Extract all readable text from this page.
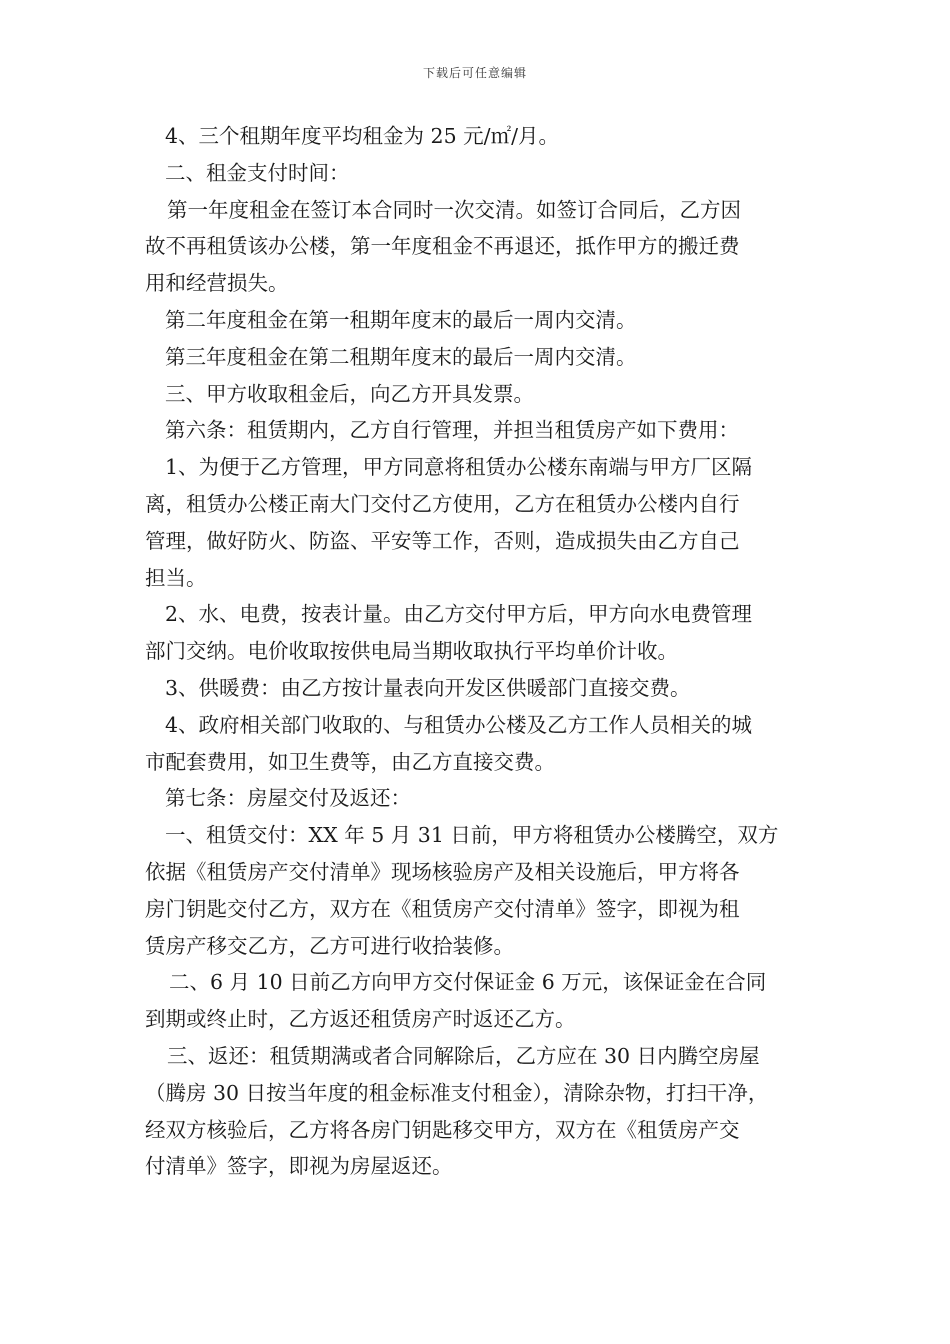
下载后可任意编辑
4、三个租期年度平均租金为 25 元/㎡/月。
二、租金支付时间：
第一年度租金在签订本合同时一次交清。如签订合同后，乙方因
故不再租赁该办公楼，第一年度租金不再退还，抵作甲方的搬迁费
用和经营损失。
第二年度租金在第一租期年度末的最后一周内交清。
第三年度租金在第二租期年度末的最后一周内交清。
三、甲方收取租金后，向乙方开具发票。
第六条：租赁期内，乙方自行管理，并担当租赁房产如下费用：
1、为便于乙方管理，甲方同意将租赁办公楼东南端与甲方厂区隔
离，租赁办公楼正南大门交付乙方使用，乙方在租赁办公楼内自行
管理，做好防火、防盗、平安等工作，否则，造成损失由乙方自己
担当。
2、水、电费，按表计量。由乙方交付甲方后，甲方向水电费管理
部门交纳。电价收取按供电局当期收取执行平均单价计收。
3、供暖费：由乙方按计量表向开发区供暖部门直接交费。
4、政府相关部门收取的、与租赁办公楼及乙方工作人员相关的城
市配套费用，如卫生费等，由乙方直接交费。
第七条：房屋交付及返还：
一、租赁交付：XX 年 5 月 31 日前，甲方将租赁办公楼腾空，双方
依据《租赁房产交付清单》现场核验房产及相关设施后，甲方将各
房门钥匙交付乙方，双方在《租赁房产交付清单》签字，即视为租
赁房产移交乙方，乙方可进行收拾装修。
二、6 月 10 日前乙方向甲方交付保证金 6 万元，该保证金在合同
到期或终止时，乙方返还租赁房产时返还乙方。
三、返还：租赁期满或者合同解除后，乙方应在 30 日内腾空房屋
（腾房 30 日按当年度的租金标准支付租金），清除杂物，打扫干净，
经双方核验后，乙方将各房门钥匙移交甲方，双方在《租赁房产交
付清单》签字，即视为房屋返还。
